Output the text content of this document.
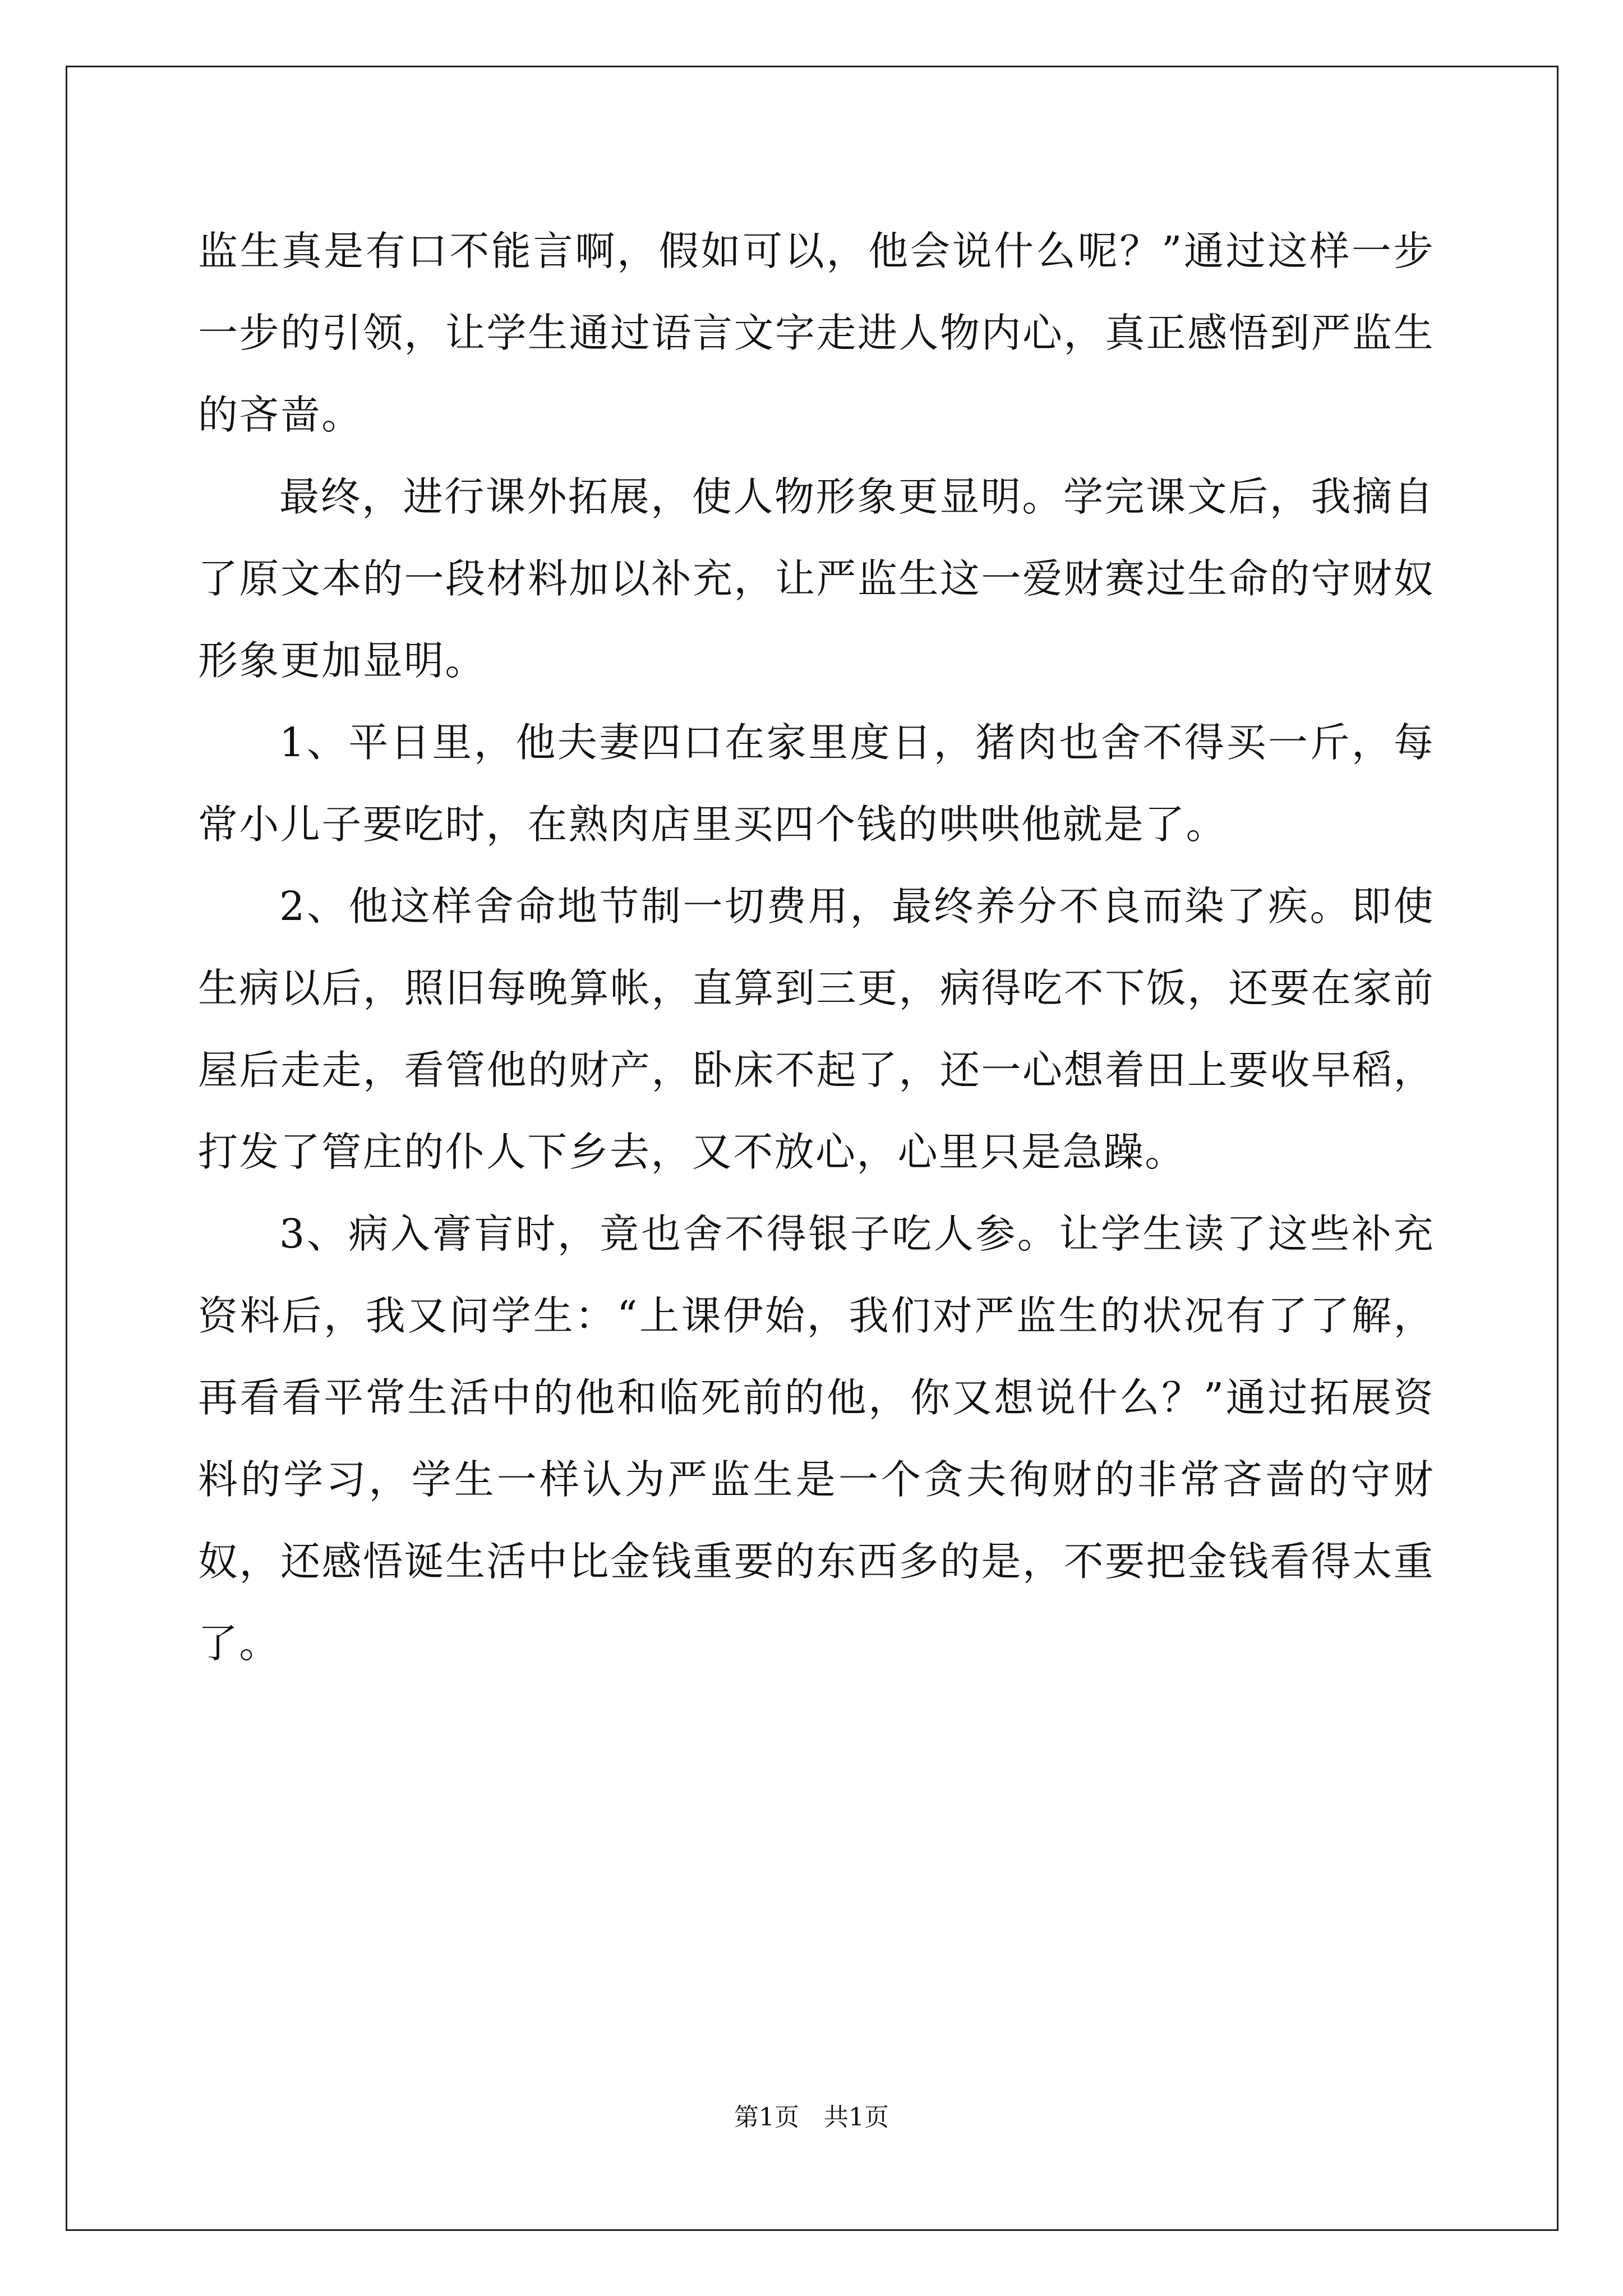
监生真是有口不能言啊，假如可以，他会说什么呢？”通过这样一步一步的引领，让学生通过语言文字走进人物内心，真正感悟到严监生的吝啬。

最终，进行课外拓展，使人物形象更显明。学完课文后，我摘自了原文本的一段材料加以补充，让严监生这一爱财赛过生命的守财奴形象更加显明。

1、平日里，他夫妻四口在家里度日，猪肉也舍不得买一斤，每常小儿子要吃时，在熟肉店里买四个钱的哄哄他就是了。

2、他这样舍命地节制一切费用，最终养分不良而染了疾。即使生病以后，照旧每晚算帐，直算到三更，病得吃不下饭，还要在家前屋后走走，看管他的财产，卧床不起了，还一心想着田上要收早稻，打发了管庄的仆人下乡去，又不放心，心里只是急躁。

3、病入膏肓时，竟也舍不得银子吃人参。让学生读了这些补充资料后，我又问学生：“上课伊始，我们对严监生的状况有了了解，再看看平常生活中的他和临死前的他，你又想说什么？”通过拓展资料的学习，学生一样认为严监生是一个贪夫徇财的非常吝啬的守财奴，还感悟诞生活中比金钱重要的东西多的是，不要把金钱看得太重了。

第1页　共1页
